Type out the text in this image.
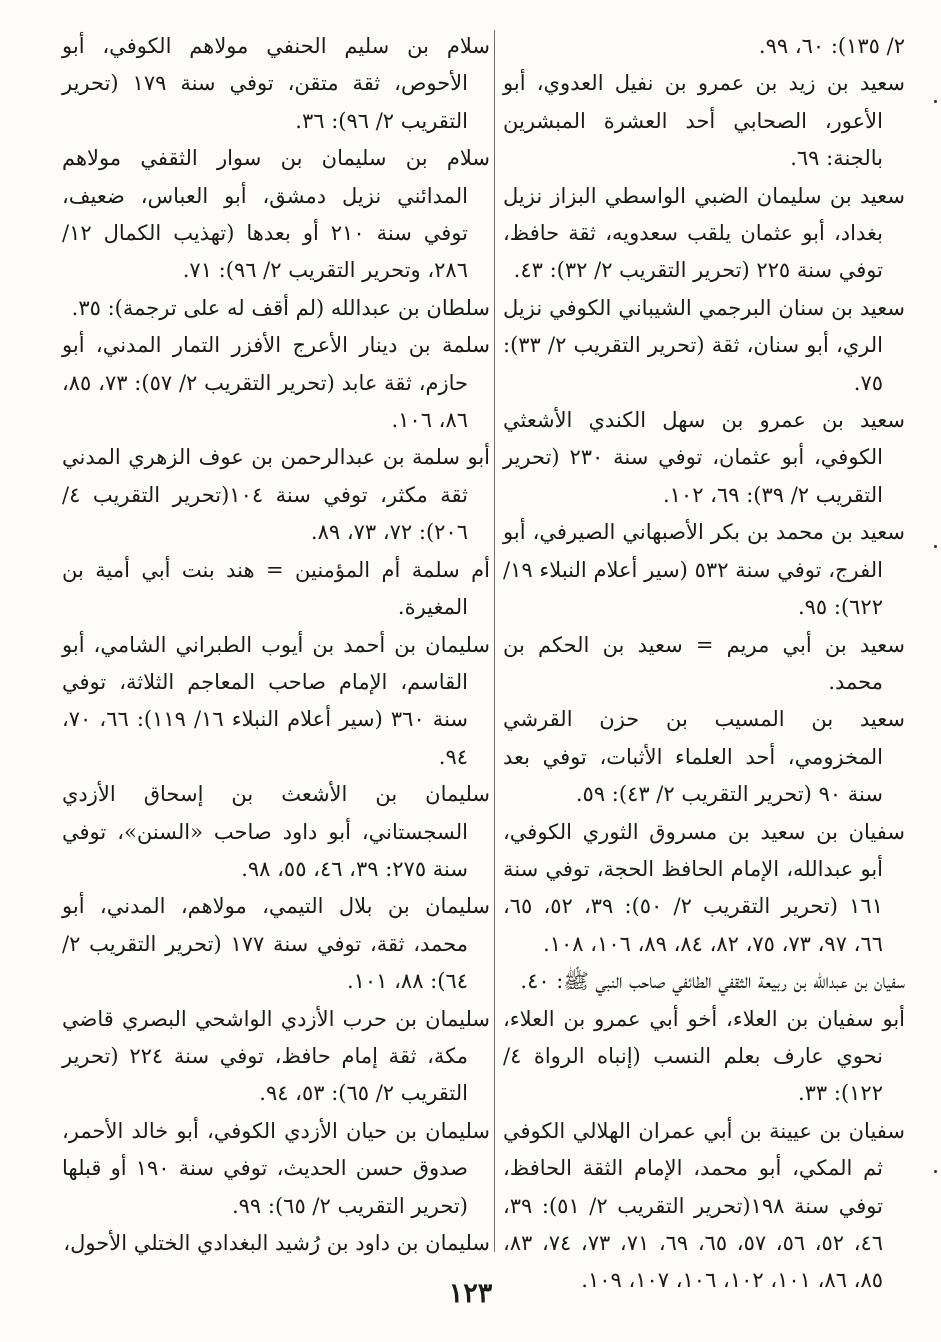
٢/ ١٣٥): ٦٠، ٩٩.

سعيد بن زيد بن عمرو بن نفيل العدوي، أبو الأعور، الصحابي أحد العشرة المبشرين بالجنة: ٦٩.

سعيد بن سليمان الضبي الواسطي البزاز نزيل بغداد، أبو عثمان يلقب سعدويه، ثقة حافظ، توفي سنة ٢٢٥ (تحرير التقريب ٢/ ٣٢): ٤٣.

سعيد بن سنان البرجمي الشيباني الكوفي نزيل الري، أبو سنان، ثقة (تحرير التقريب ٢/ ٣٣): ٧٥.

سعيد بن عمرو بن سهل الكندي الأشعثي الكوفي، أبو عثمان، توفي سنة ٢٣٠ (تحرير التقريب ٢/ ٣٩): ٦٩، ١٠٢.

سعيد بن محمد بن بكر الأصبهاني الصيرفي، أبو الفرج، توفي سنة ٥٣٢ (سير أعلام النبلاء ١٩/ ٦٢٢): ٩٥.

سعيد بن أبي مريم = سعيد بن الحكم بن محمد.

سعيد بن المسيب بن حزن القرشي المخزومي، أحد العلماء الأثبات، توفي بعد سنة ٩٠ (تحرير التقريب ٢/ ٤٣): ٥٩.

سفيان بن سعيد بن مسروق الثوري الكوفي، أبو عبدالله، الإمام الحافظ الحجة، توفي سنة ١٦١ (تحرير التقريب ٢/ ٥٠): ٣٩، ٥٢، ٦٥، ٦٦، ٩٧، ٧٣، ٧٥، ٨٢، ٨٤، ٨٩، ١٠٦، ١٠٨.

سفيان بن عبدالله بن ربيعة الثقفي الطائفي صاحب النبي ﷺ: ٤٠.

أبو سفيان بن العلاء، أخو أبي عمرو بن العلاء، نحوي عارف بعلم النسب (إنباه الرواة ٤/ ١٢٢): ٣٣.

سفيان بن عيينة بن أبي عمران الهلالي الكوفي ثم المكي، أبو محمد، الإمام الثقة الحافظ، توفي سنة ١٩٨(تحرير التقريب ٢/ ٥١): ٣٩، ٤٦، ٥٢، ٥٦، ٥٧، ٦٥، ٦٩، ٧١، ٧٣، ٧٤، ٨٣، ٨٥، ٨٦، ١٠١، ١٠٢، ١٠٦، ١٠٧، ١٠٩.

سلام بن سليم الحنفي مولاهم الكوفي، أبو الأحوص، ثقة متقن، توفي سنة ١٧٩ (تحرير التقريب ٢/ ٩٦): ٣٦.

سلام بن سليمان بن سوار الثقفي مولاهم المدائني نزيل دمشق، أبو العباس، ضعيف، توفي سنة ٢١٠ أو بعدها (تهذيب الكمال ١٢/ ٢٨٦، وتحرير التقريب ٢/ ٩٦): ٧١.

سلطان بن عبدالله (لم أقف له على ترجمة): ٣٥.

سلمة بن دينار الأعرج الأفزر التمار المدني، أبو حازم، ثقة عابد (تحرير التقريب ٢/ ٥٧): ٧٣، ٨٥، ٨٦، ١٠٦.

أبو سلمة بن عبدالرحمن بن عوف الزهري المدني ثقة مكثر، توفي سنة ١٠٤(تحرير التقريب ٤/ ٢٠٦): ٧٢، ٧٣، ٨٩.

أم سلمة أم المؤمنين = هند بنت أبي أمية بن المغيرة.

سليمان بن أحمد بن أيوب الطبراني الشامي، أبو القاسم، الإمام صاحب المعاجم الثلاثة، توفي سنة ٣٦٠ (سير أعلام النبلاء ١٦/ ١١٩): ٦٦، ٧٠، ٩٤.

سليمان بن الأشعث بن إسحاق الأزدي السجستاني، أبو داود صاحب «السنن»، توفي سنة ٢٧٥: ٣٩، ٤٦، ٥٥، ٩٨.

سليمان بن بلال التيمي، مولاهم، المدني، أبو محمد، ثقة، توفي سنة ١٧٧ (تحرير التقريب ٢/ ٦٤): ٨٨، ١٠١.

سليمان بن حرب الأزدي الواشحي البصري قاضي مكة، ثقة إمام حافظ، توفي سنة ٢٢٤ (تحرير التقريب ٢/ ٦٥): ٥٣، ٩٤.

سليمان بن حيان الأزدي الكوفي، أبو خالد الأحمر، صدوق حسن الحديث، توفي سنة ١٩٠ أو قبلها (تحرير التقريب ٢/ ٦٥): ٩٩.

سليمان بن داود بن رُشيد البغدادي الختلي الأحول،

١٢٣
